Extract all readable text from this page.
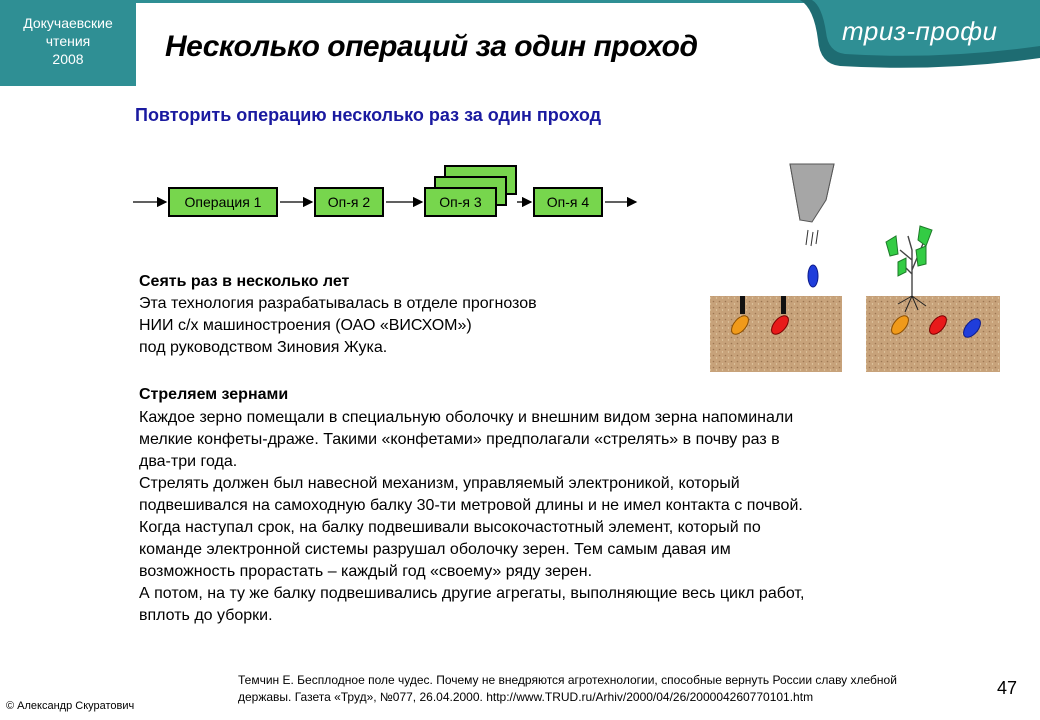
Докучаевские
чтения
2008
триз-профи
Несколько операций за один проход
Повторить операцию несколько раз за один проход
Операция 1	Оп-я 2	Оп-я 3	Оп-я 4
Сеять раз в несколько лет

Эта технология разрабатывалась в отделе прогнозов

НИИ с/х машиностроения (ОАО «ВИСХОМ»)

под руководством Зиновия Жука.

Стреляем зернами

Каждое зерно помещали в специальную оболочку и внешним видом зерна напоминали

мелкие конфеты-драже. Такими «конфетами» предполагали «стрелять» в почву раз в

два-три года.

Стрелять должен был навесной механизм, управляемый электроникой, который

подвешивался на самоходную балку 30-ти метровой длины и не имел контакта с почвой.

Когда наступал срок, на балку подвешивали высокочастотный элемент, который по

команде электронной системы разрушал оболочку зерен. Тем самым давая им

возможность прорастать – каждый год «своему» ряду зерен.

А потом, на ту же балку подвешивались другие агрегаты, выполняющие весь цикл работ,

вплоть до уборки.

Темчин Е. Бесплодное поле чудес. Почему не внедряются агротехнологии, способные вернуть России славу хлебной
державы. Газета «Труд», №077, 26.04.2000. http://www.TRUD.ru/Arhiv/2000/04/26/200004260770101.htm	47
© Александр Скуратович
